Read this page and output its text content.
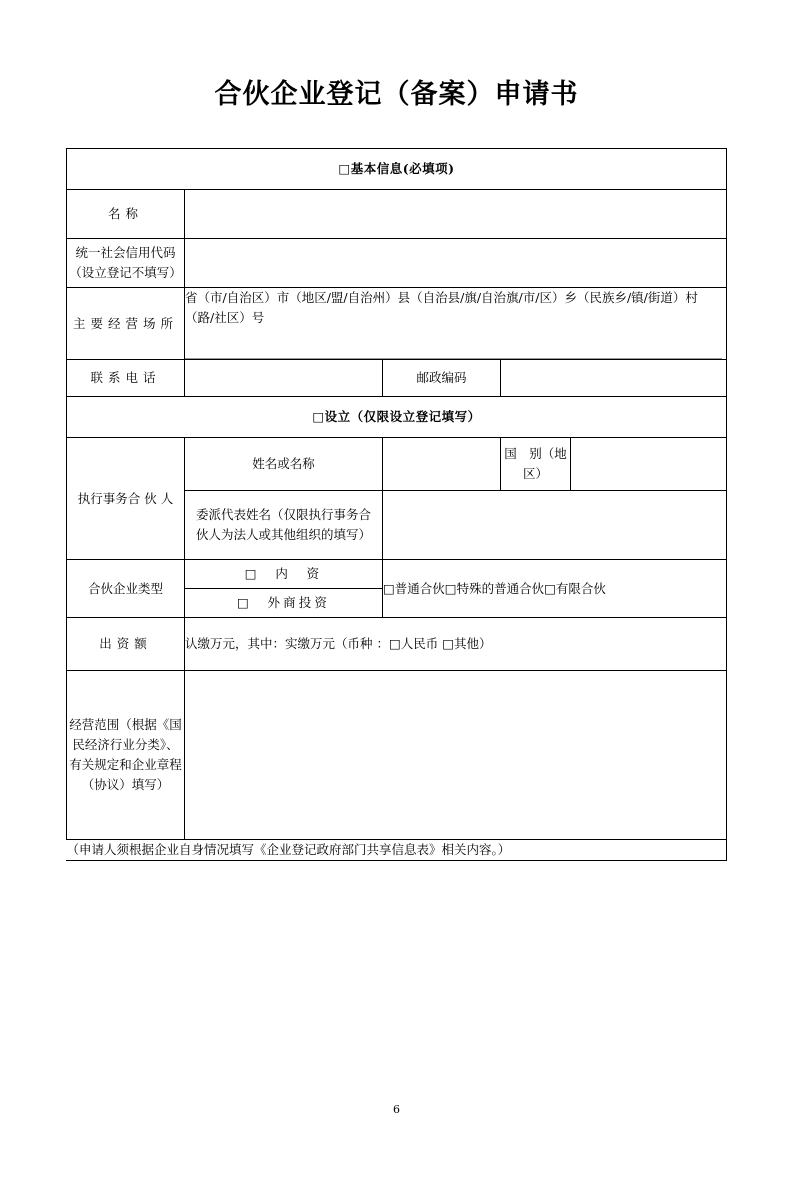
合伙企业登记（备案）申请书
□基本信息(必填项)				
名称				
统一社会信用代码（设立登记不填写）				
主要经营场所	省（市/自治区）市（地区/盟/自治州）县（自治县/旗/自治旗/市/区）乡（民族乡/镇/街道）村（路/社区）号			

联系电话		邮政编码		
□设立（仅限设立登记填写）				
执行事务合 伙 人	姓名或名称		国　别（地区）	
	委派代表姓名（仅限执行事务合伙人为法人或其他组织的填写）			
合伙企业类型	□　内　资	□普通合伙□特殊的普通合伙□有限合伙		
	□　外商投资			
出资额	认缴万元，其中：实缴万元（币种 ：□人民币 □其他）			
经营范围（根据《国民经济行业分类》、有关规定和企业章程（协议）填写）				
（申请人须根据企业自身情况填写《企业登记政府部门共享信息表》相关内容。）				
6
